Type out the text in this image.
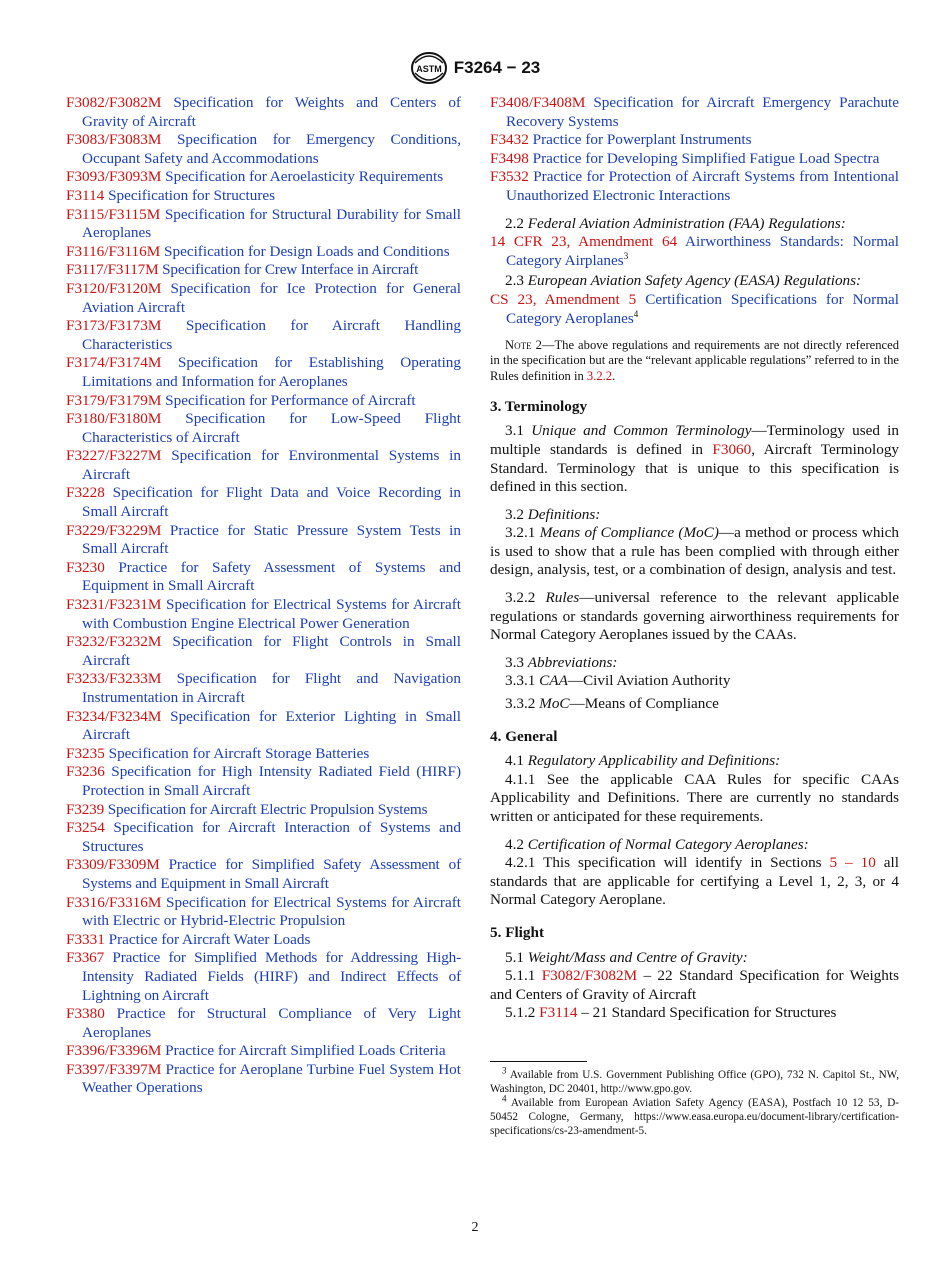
ASTM F3264 − 23
F3082/F3082M Specification for Weights and Centers of Gravity of Aircraft
F3083/F3083M Specification for Emergency Conditions, Occupant Safety and Accommodations
F3093/F3093M Specification for Aeroelasticity Requirements
F3114 Specification for Structures
F3115/F3115M Specification for Structural Durability for Small Aeroplanes
F3116/F3116M Specification for Design Loads and Conditions
F3117/F3117M Specification for Crew Interface in Aircraft
F3120/F3120M Specification for Ice Protection for General Aviation Aircraft
F3173/F3173M Specification for Aircraft Handling Characteristics
F3174/F3174M Specification for Establishing Operating Limitations and Information for Aeroplanes
F3179/F3179M Specification for Performance of Aircraft
F3180/F3180M Specification for Low-Speed Flight Characteristics of Aircraft
F3227/F3227M Specification for Environmental Systems in Aircraft
F3228 Specification for Flight Data and Voice Recording in Small Aircraft
F3229/F3229M Practice for Static Pressure System Tests in Small Aircraft
F3230 Practice for Safety Assessment of Systems and Equipment in Small Aircraft
F3231/F3231M Specification for Electrical Systems for Aircraft with Combustion Engine Electrical Power Generation
F3232/F3232M Specification for Flight Controls in Small Aircraft
F3233/F3233M Specification for Flight and Navigation Instrumentation in Aircraft
F3234/F3234M Specification for Exterior Lighting in Small Aircraft
F3235 Specification for Aircraft Storage Batteries
F3236 Specification for High Intensity Radiated Field (HIRF) Protection in Small Aircraft
F3239 Specification for Aircraft Electric Propulsion Systems
F3254 Specification for Aircraft Interaction of Systems and Structures
F3309/F3309M Practice for Simplified Safety Assessment of Systems and Equipment in Small Aircraft
F3316/F3316M Specification for Electrical Systems for Aircraft with Electric or Hybrid-Electric Propulsion
F3331 Practice for Aircraft Water Loads
F3367 Practice for Simplified Methods for Addressing High-Intensity Radiated Fields (HIRF) and Indirect Effects of Lightning on Aircraft
F3380 Practice for Structural Compliance of Very Light Aeroplanes
F3396/F3396M Practice for Aircraft Simplified Loads Criteria
F3397/F3397M Practice for Aeroplane Turbine Fuel System Hot Weather Operations
F3408/F3408M Specification for Aircraft Emergency Parachute Recovery Systems
F3432 Practice for Powerplant Instruments
F3498 Practice for Developing Simplified Fatigue Load Spectra
F3532 Practice for Protection of Aircraft Systems from Intentional Unauthorized Electronic Interactions

2.2 Federal Aviation Administration (FAA) Regulations:

14 CFR 23, Amendment 64 Airworthiness Standards: Normal Category Airplanes$^3$

2.3 European Aviation Safety Agency (EASA) Regulations:

CS 23, Amendment 5 Certification Specifications for Normal Category Aeroplanes$^4$

Note 2—The above regulations and requirements are not directly referenced in the specification but are the “relevant applicable regulations” referred to in the Rules definition in 3.2.2.

3. Terminology

3.1 Unique and Common Terminology—Terminology used in multiple standards is defined in F3060, Aircraft Terminology Standard. Terminology that is unique to this specification is defined in this section.

3.2 Definitions:

3.2.1 Means of Compliance (MoC)—a method or process which is used to show that a rule has been complied with through either design, analysis, test, or a combination of design, analysis and test.

3.2.2 Rules—universal reference to the relevant applicable regulations or standards governing airworthiness requirements for Normal Category Aeroplanes issued by the CAAs.

3.3 Abbreviations:

3.3.1 CAA—Civil Aviation Authority

3.3.2 MoC—Means of Compliance

4. General

4.1 Regulatory Applicability and Definitions:

4.1.1 See the applicable CAA Rules for specific CAAs Applicability and Definitions. There are currently no standards written or anticipated for these requirements.

4.2 Certification of Normal Category Aeroplanes:

4.2.1 This specification will identify in Sections 5 – 10 all standards that are applicable for certifying a Level 1, 2, 3, or 4 Normal Category Aeroplane.

5. Flight

5.1 Weight/Mass and Centre of Gravity:

5.1.1 F3082/F3082M – 22 Standard Specification for Weights and Centers of Gravity of Aircraft

5.1.2 F3114 – 21 Standard Specification for Structures

$^3$ Available from U.S. Government Publishing Office (GPO), 732 N. Capitol St., NW, Washington, DC 20401, http://www.gpo.gov.

$^4$ Available from European Aviation Safety Agency (EASA), Postfach 10 12 53, D-50452 Cologne, Germany, https://www.easa.europa.eu/document-library/certification-specifications/cs-23-amendment-5.

2
